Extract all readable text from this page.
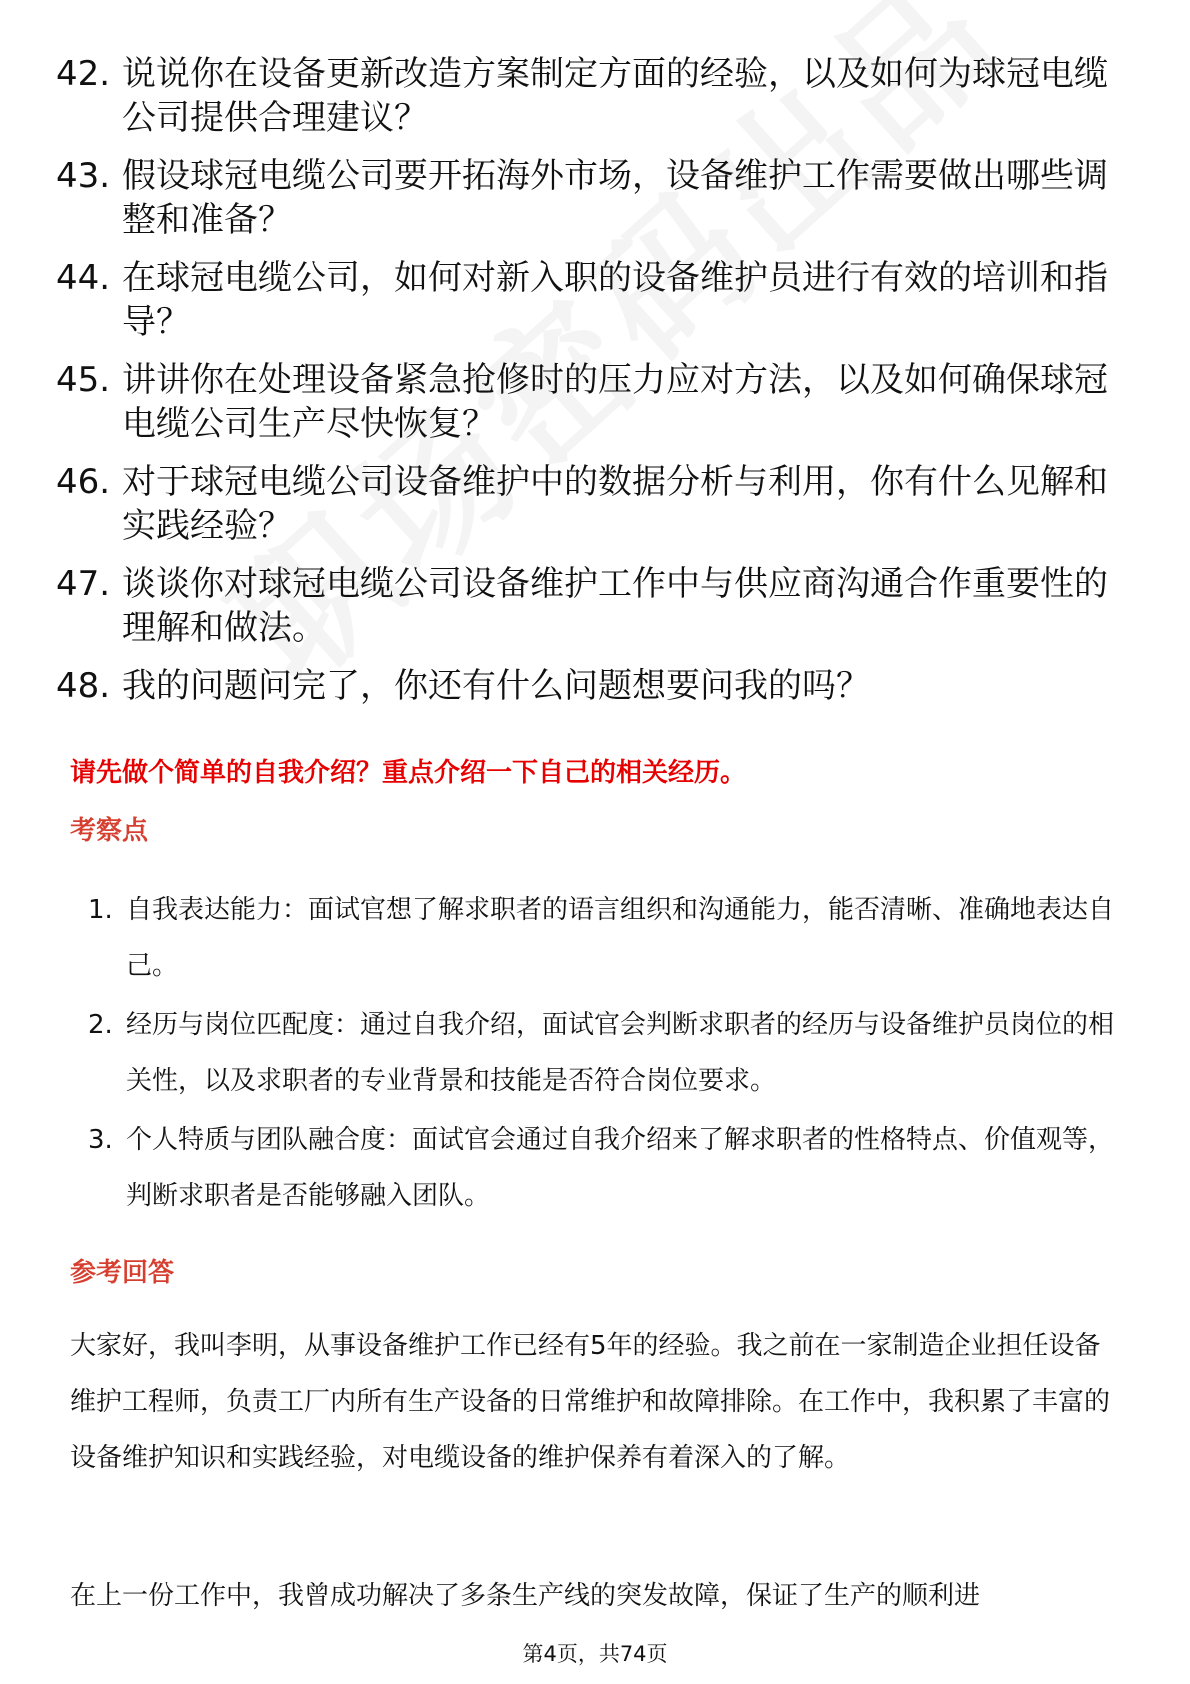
42. 说说你在设备更新改造方案制定方面的经验，以及如何为球冠电缆公司提供合理建议？
43. 假设球冠电缆公司要开拓海外市场，设备维护工作需要做出哪些调整和准备？
44. 在球冠电缆公司，如何对新入职的设备维护员进行有效的培训和指导？
45. 讲讲你在处理设备紧急抢修时的压力应对方法，以及如何确保球冠电缆公司生产尽快恢复？
46. 对于球冠电缆公司设备维护中的数据分析与利用，你有什么见解和实践经验？
47. 谈谈你对球冠电缆公司设备维护工作中与供应商沟通合作重要性的理解和做法。
48. 我的问题问完了，你还有什么问题想要问我的吗？
请先做个简单的自我介绍？重点介绍一下自己的相关经历。
考察点
1. 自我表达能力：面试官想了解求职者的语言组织和沟通能力，能否清晰、准确地表达自己。
2. 经历与岗位匹配度：通过自我介绍，面试官会判断求职者的经历与设备维护员岗位的相关性，以及求职者的专业背景和技能是否符合岗位要求。
3. 个人特质与团队融合度：面试官会通过自我介绍来了解求职者的性格特点、价值观等，判断求职者是否能够融入团队。
参考回答
大家好，我叫李明，从事设备维护工作已经有5年的经验。我之前在一家制造企业担任设备维护工程师，负责工厂内所有生产设备的日常维护和故障排除。在工作中，我积累了丰富的设备维护知识和实践经验，对电缆设备的维护保养有着深入的了解。
在上一份工作中，我曾成功解决了多条生产线的突发故障，保证了生产的顺利进
第4页，共74页
